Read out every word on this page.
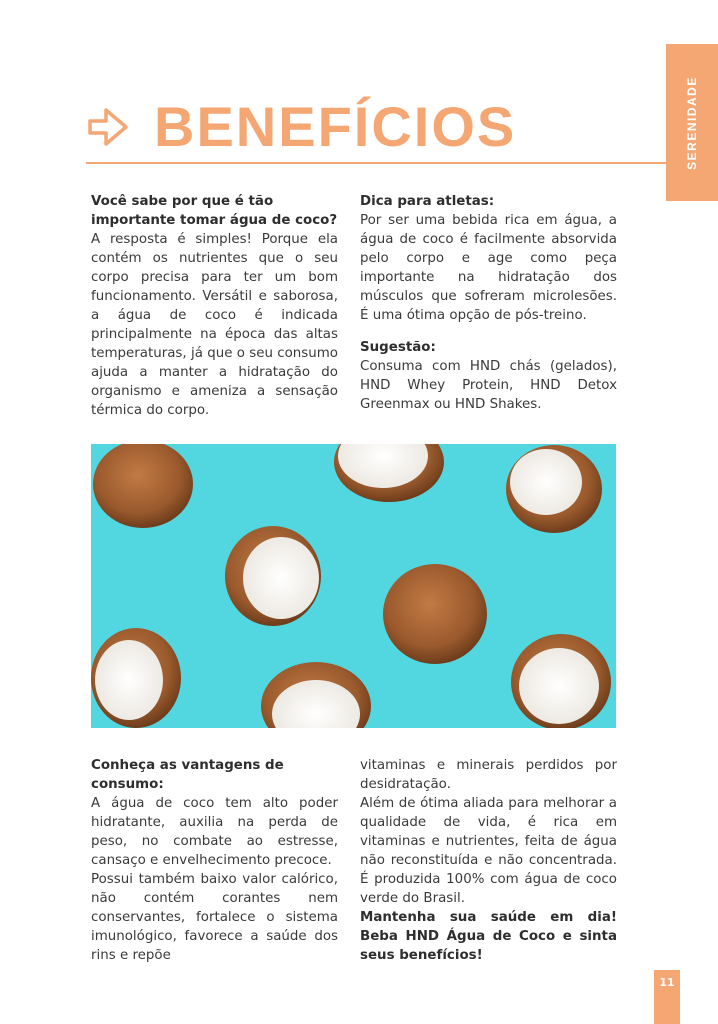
SERENIDADE
BENEFÍCIOS

Você sabe por que é tão importante tomar água de coco?

A resposta é simples! Porque ela contém os nutrientes que o seu corpo precisa para ter um bom funcionamento. Versátil e saborosa, a água de coco é indicada principalmente na época das altas temperaturas, já que o seu consumo ajuda a manter a hidratação do organismo e ameniza a sensação térmica do corpo.

Dica para atletas:

Por ser uma bebida rica em água, a água de coco é facilmente absorvida pelo corpo e age como peça importante na hidratação dos músculos que sofreram microlesões. É uma ótima opção de pós-treino.

Sugestão:

Consuma com HND chás (gelados), HND Whey Protein, HND Detox Greenmax ou HND Shakes.

Conheça as vantagens de consumo:

A água de coco tem alto poder hidratante, auxilia na perda de peso, no combate ao estresse, cansaço e envelhecimento precoce.

Possui também baixo valor calórico, não contém corantes nem conservantes, fortalece o sistema imunológico, favorece a saúde dos rins e repõe

vitaminas e minerais perdidos por desidratação.

Além de ótima aliada para melhorar a qualidade de vida, é rica em vitaminas e nutrientes, feita de água não reconstituída e não concentrada. É produzida 100% com água de coco verde do Brasil.

Mantenha sua saúde em dia! Beba HND Água de Coco e sinta seus benefícios!

11
